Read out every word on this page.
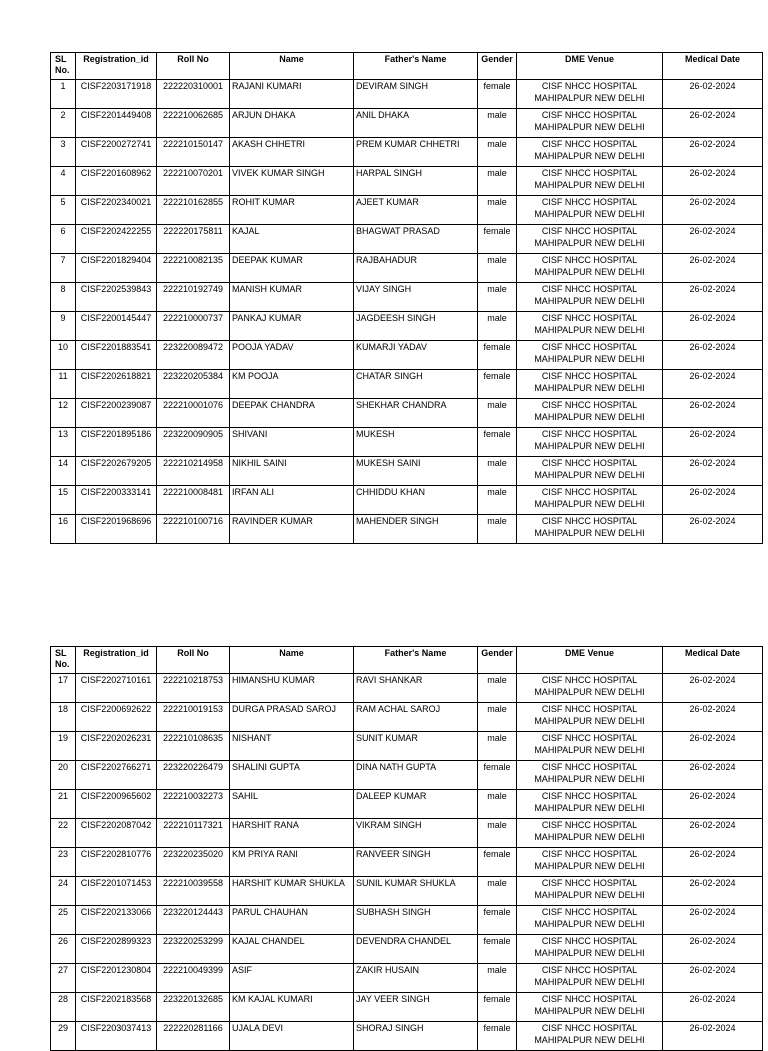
SL
No.	Registration_id	Roll No	Name	Father's Name	Gender	DME Venue	Medical Date
1	CISF2203171918	222220310001	RAJANI KUMARI	DEVIRAM SINGH	female	CISF NHCC HOSPITAL
MAHIPALPUR NEW DELHI	26-02-2024
2	CISF2201449408	222210062685	ARJUN DHAKA	ANIL DHAKA	male	CISF NHCC HOSPITAL
MAHIPALPUR NEW DELHI	26-02-2024
3	CISF2200272741	222210150147	AKASH CHHETRI	PREM KUMAR CHHETRI	male	CISF NHCC HOSPITAL
MAHIPALPUR NEW DELHI	26-02-2024
4	CISF2201608962	222210070201	VIVEK KUMAR SINGH	HARPAL SINGH	male	CISF NHCC HOSPITAL
MAHIPALPUR NEW DELHI	26-02-2024
5	CISF2202340021	222210162855	ROHIT KUMAR	AJEET KUMAR	male	CISF NHCC HOSPITAL
MAHIPALPUR NEW DELHI	26-02-2024
6	CISF2202422255	222220175811	KAJAL	BHAGWAT PRASAD	female	CISF NHCC HOSPITAL
MAHIPALPUR NEW DELHI	26-02-2024
7	CISF2201829404	222210082135	DEEPAK KUMAR	RAJBAHADUR	male	CISF NHCC HOSPITAL
MAHIPALPUR NEW DELHI	26-02-2024
8	CISF2202539843	222210192749	MANISH KUMAR	VIJAY SINGH	male	CISF NHCC HOSPITAL
MAHIPALPUR NEW DELHI	26-02-2024
9	CISF2200145447	222210000737	PANKAJ KUMAR	JAGDEESH SINGH	male	CISF NHCC HOSPITAL
MAHIPALPUR NEW DELHI	26-02-2024
10	CISF2201883541	223220089472	POOJA YADAV	KUMARJI YADAV	female	CISF NHCC HOSPITAL
MAHIPALPUR NEW DELHI	26-02-2024
11	CISF2202618821	223220205384	KM POOJA	CHATAR SINGH	female	CISF NHCC HOSPITAL
MAHIPALPUR NEW DELHI	26-02-2024
12	CISF2200239087	222210001076	DEEPAK CHANDRA	SHEKHAR CHANDRA	male	CISF NHCC HOSPITAL
MAHIPALPUR NEW DELHI	26-02-2024
13	CISF2201895186	223220090905	SHIVANI	MUKESH	female	CISF NHCC HOSPITAL
MAHIPALPUR NEW DELHI	26-02-2024
14	CISF2202679205	222210214958	NIKHIL SAINI	MUKESH SAINI	male	CISF NHCC HOSPITAL
MAHIPALPUR NEW DELHI	26-02-2024
15	CISF2200333141	222210008481	IRFAN ALI	CHHIDDU KHAN	male	CISF NHCC HOSPITAL
MAHIPALPUR NEW DELHI	26-02-2024
16	CISF2201968696	222210100716	RAVINDER KUMAR	MAHENDER SINGH	male	CISF NHCC HOSPITAL
MAHIPALPUR NEW DELHI	26-02-2024
SL
No.	Registration_id	Roll No	Name	Father's Name	Gender	DME Venue	Medical Date
17	CISF2202710161	222210218753	HIMANSHU KUMAR	RAVI SHANKAR	male	CISF NHCC HOSPITAL
MAHIPALPUR NEW DELHI	26-02-2024
18	CISF2200692622	222210019153	DURGA PRASAD SAROJ	RAM ACHAL SAROJ	male	CISF NHCC HOSPITAL
MAHIPALPUR NEW DELHI	26-02-2024
19	CISF2202026231	222210108635	NISHANT	SUNIT KUMAR	male	CISF NHCC HOSPITAL
MAHIPALPUR NEW DELHI	26-02-2024
20	CISF2202766271	223220226479	SHALINI GUPTA	DINA NATH GUPTA	female	CISF NHCC HOSPITAL
MAHIPALPUR NEW DELHI	26-02-2024
21	CISF2200965602	222210032273	SAHIL	DALEEP KUMAR	male	CISF NHCC HOSPITAL
MAHIPALPUR NEW DELHI	26-02-2024
22	CISF2202087042	222210117321	HARSHIT RANA	VIKRAM SINGH	male	CISF NHCC HOSPITAL
MAHIPALPUR NEW DELHI	26-02-2024
23	CISF2202810776	223220235020	KM PRIYA RANI	RANVEER SINGH	female	CISF NHCC HOSPITAL
MAHIPALPUR NEW DELHI	26-02-2024
24	CISF2201071453	222210039558	HARSHIT KUMAR SHUKLA	SUNIL KUMAR SHUKLA	male	CISF NHCC HOSPITAL
MAHIPALPUR NEW DELHI	26-02-2024
25	CISF2202133066	223220124443	PARUL CHAUHAN	SUBHASH SINGH	female	CISF NHCC HOSPITAL
MAHIPALPUR NEW DELHI	26-02-2024
26	CISF2202899323	223220253299	KAJAL CHANDEL	DEVENDRA CHANDEL	female	CISF NHCC HOSPITAL
MAHIPALPUR NEW DELHI	26-02-2024
27	CISF2201230804	222210049399	ASIF	ZAKIR HUSAIN	male	CISF NHCC HOSPITAL
MAHIPALPUR NEW DELHI	26-02-2024
28	CISF2202183568	223220132685	KM KAJAL KUMARI	JAY VEER SINGH	female	CISF NHCC HOSPITAL
MAHIPALPUR NEW DELHI	26-02-2024
29	CISF2203037413	222220281166	UJALA DEVI	SHORAJ SINGH	female	CISF NHCC HOSPITAL
MAHIPALPUR NEW DELHI	26-02-2024
